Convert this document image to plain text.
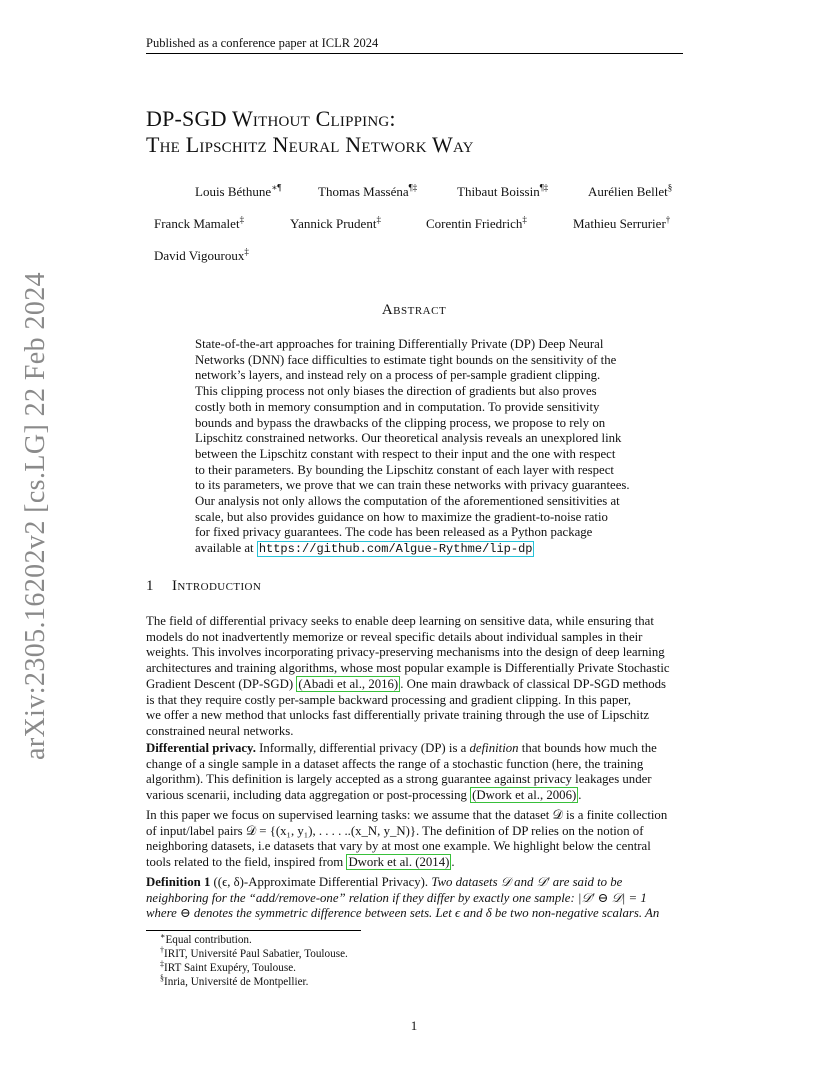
Published as a conference paper at ICLR 2024
arXiv:2305.16202v2 [cs.LG] 22 Feb 2024
DP-SGD Without Clipping:
The Lipschitz Neural Network Way
Louis Béthune∗¶	Thomas Masséna¶‡	Thibaut Boissin¶‡	Aurélien Bellet§
Franck Mamalet‡	Yannick Prudent‡	Corentin Friedrich‡	Mathieu Serrurier†
David Vigouroux‡
Abstract
State-of-the-art approaches for training Differentially Private (DP) Deep Neural
Networks (DNN) face difficulties to estimate tight bounds on the sensitivity of the
network’s layers, and instead rely on a process of per-sample gradient clipping.
This clipping process not only biases the direction of gradients but also proves
costly both in memory consumption and in computation. To provide sensitivity
bounds and bypass the drawbacks of the clipping process, we propose to rely on
Lipschitz constrained networks. Our theoretical analysis reveals an unexplored link
between the Lipschitz constant with respect to their input and the one with respect
to their parameters. By bounding the Lipschitz constant of each layer with respect
to its parameters, we prove that we can train these networks with privacy guarantees.
Our analysis not only allows the computation of the aforementioned sensitivities at
scale, but also provides guidance on how to maximize the gradient-to-noise ratio
for fixed privacy guarantees. The code has been released as a Python package
available at https://github.com/Algue-Rythme/lip-dp
1 Introduction
The field of differential privacy seeks to enable deep learning on sensitive data, while ensuring that
models do not inadvertently memorize or reveal specific details about individual samples in their
weights. This involves incorporating privacy-preserving mechanisms into the design of deep learning
architectures and training algorithms, whose most popular example is Differentially Private Stochastic
Gradient Descent (DP-SGD) (Abadi et al., 2016) . One main drawback of classical DP-SGD methods
is that they require costly per-sample backward processing and gradient clipping. In this paper,
we offer a new method that unlocks fast differentially private training through the use of Lipschitz
constrained neural networks.
Differential privacy. Informally, differential privacy (DP) is a definition that bounds how much the
change of a single sample in a dataset affects the range of a stochastic function (here, the training
algorithm). This definition is largely accepted as a strong guarantee against privacy leakages under
various scenarii, including data aggregation or post-processing (Dwork et al., 2006) .
In this paper we focus on supervised learning tasks: we assume that the dataset 𝒟 is a finite collection
of input/label pairs 𝒟 = {(x₁, y₁), . . . . ..(x_N, y_N)}. The definition of DP relies on the notion of
neighboring datasets, i.e datasets that vary by at most one example. We highlight below the central
tools related to the field, inspired from Dwork et al. (2014) .
Definition 1 ((ϵ, δ)-Approximate Differential Privacy). Two datasets 𝒟 and 𝒟′ are said to be
neighboring for the “add/remove-one” relation if they differ by exactly one sample: |𝒟′ ⊖ 𝒟| = 1
where ⊖ denotes the symmetric difference between sets. Let ϵ and δ be two non-negative scalars. An
∗Equal contribution.
†IRIT, Université Paul Sabatier, Toulouse.
‡IRT Saint Exupéry, Toulouse.
§Inria, Université de Montpellier.
1
